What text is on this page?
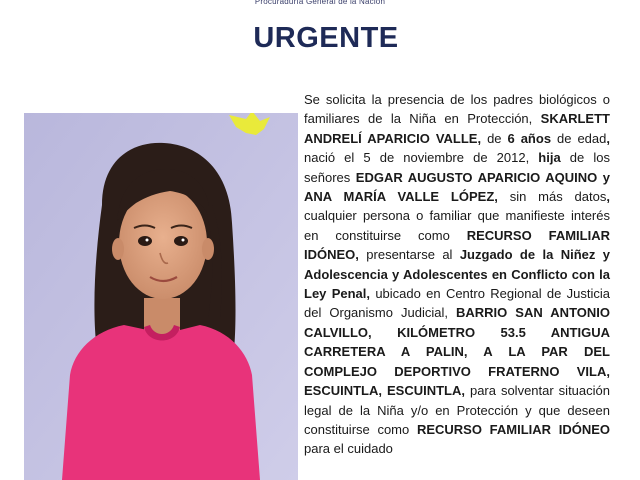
Procuraduría General de la Nación
URGENTE
Se solicita la presencia de los padres biológicos o familiares de la Niña en Protección, SKARLETT ANDRELÍ APARICIO VALLE, de 6 años de edad, nació el 5 de noviembre de 2012, hija de los señores EDGAR AUGUSTO APARICIO AQUINO y ANA MARÍA VALLE LÓPEZ, sin más datos, cualquier persona o familiar que manifieste interés en constituirse como RECURSO FAMILIAR IDÓNEO, presentarse al Juzgado de la Niñez y Adolescencia y Adolescentes en Conflicto con la Ley Penal, ubicado en Centro Regional de Justicia del Organismo Judicial, BARRIO SAN ANTONIO CALVILLO, KILÓMETRO 53.5 ANTIGUA CARRETERA A PALIN, A LA PAR DEL COMPLEJO DEPORTIVO FRATERNO VILA, ESCUINTLA, ESCUINTLA, para solventar situación legal de la Niña y/o en Protección y que deseen constituirse como RECURSO FAMILIAR IDÓNEO para el cuidado
